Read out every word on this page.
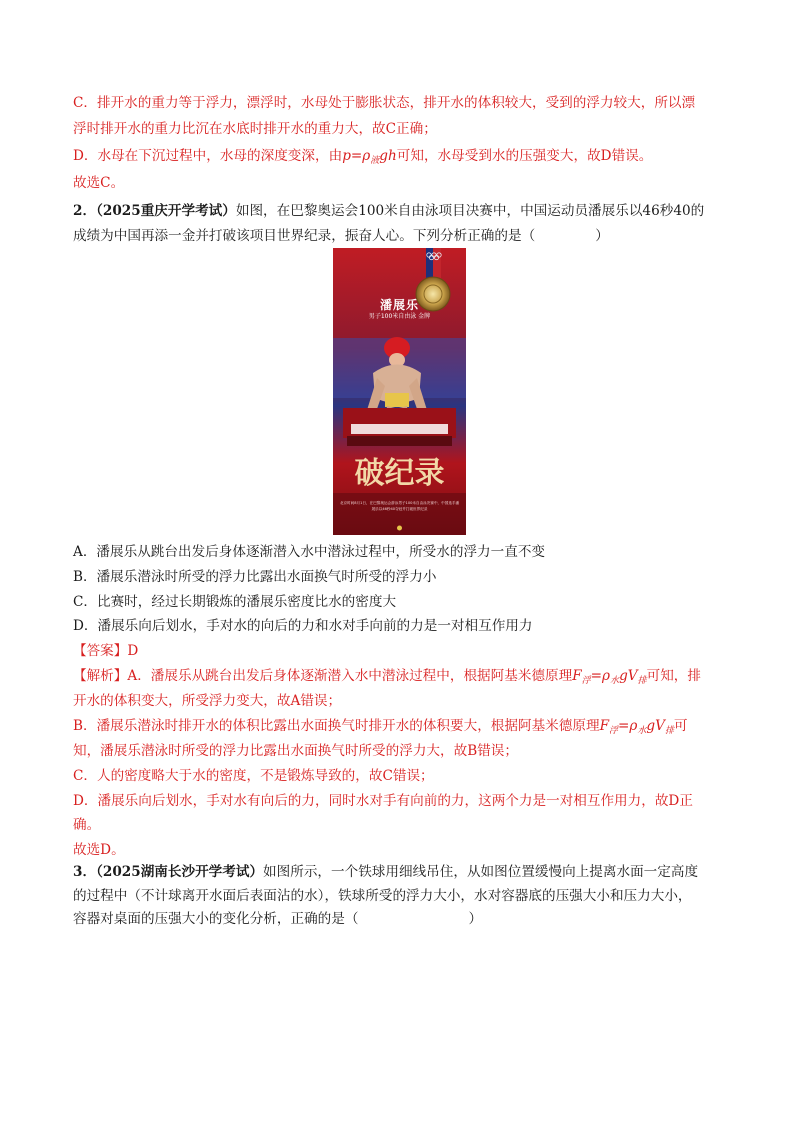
C．排开水的重力等于浮力，漂浮时，水母处于膨胀状态，排开水的体积较大，受到的浮力较大，所以漂
浮时排开水的重力比沉在水底时排开水的重力大，故C正确；
D．水母在下沉过程中，水母的深度变深，由$p=\rho_液gh$可知，水母受到水的压强变大，故D错误。
故选C。
2．（2025重庆开学考试）如图，在巴黎奥运会100米自由泳项目决赛中，中国运动员潘展乐以46秒40的
成绩为中国再添一金并打破该项目世界纪录，振奋人心。下列分析正确的是（	）
潘展乐
男子100米自由泳 金牌
破纪录
北京时间8月1日，在巴黎奥运会游泳男子100米自由泳决赛中，中国选手潘展乐以46秒40夺冠并打破世界纪录
A．潘展乐从跳台出发后身体逐渐潜入水中潜泳过程中，所受水的浮力一直不变
B．潘展乐潜泳时所受的浮力比露出水面换气时所受的浮力小
C．比赛时，经过长期锻炼的潘展乐密度比水的密度大
D．潘展乐向后划水，手对水的向后的力和水对手向前的力是一对相互作用力
【答案】D
【解析】A．潘展乐从跳台出发后身体逐渐潜入水中潜泳过程中，根据阿基米德原理$F_浮=\rho_水gV_排$可知，排
开水的体积变大，所受浮力变大，故A错误；
B．潘展乐潜泳时排开水的体积比露出水面换气时排开水的体积要大，根据阿基米德原理$F_浮=\rho_水gV_排$可
知，潘展乐潜泳时所受的浮力比露出水面换气时所受的浮力大，故B错误；
C．人的密度略大于水的密度，不是锻炼导致的，故C错误；
D．潘展乐向后划水，手对水有向后的力，同时水对手有向前的力，这两个力是一对相互作用力，故D正
确。
故选D。
3．（2025湖南长沙开学考试）如图所示，一个铁球用细线吊住，从如图位置缓慢向上提离水面一定高度
的过程中（不计球离开水面后表面沾的水），铁球所受的浮力大小，水对容器底的压强大小和压力大小，
容器对桌面的压强大小的变化分析，正确的是（	）
